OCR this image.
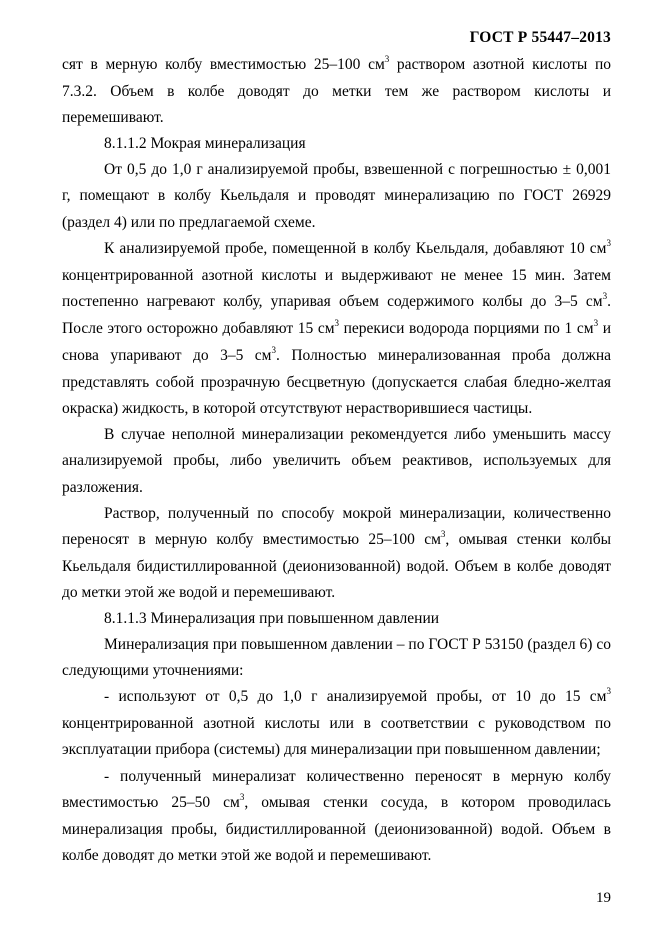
ГОСТ Р 55447–2013

сят в мерную колбу вместимостью 25–100 $см^3$ раствором азотной кислоты по 7.3.2. Объем в колбе доводят до метки тем же раствором кислоты и перемешивают.

8.1.1.2 Мокрая минерализация

От 0,5 до 1,0 г анализируемой пробы, взвешенной с погрешностью ± 0,001 г, помещают в колбу Кьельдаля и проводят минерализацию по ГОСТ 26929 (раздел 4) или по предлагаемой схеме.

К анализируемой пробе, помещенной в колбу Кьельдаля, добавляют 10 $см^3$ концентрированной азотной кислоты и выдерживают не менее 15 мин. Затем постепенно нагревают колбу, упаривая объем содержимого колбы до 3–5 $см^3$. После этого осторожно добавляют 15 $см^3$ перекиси водорода порциями по 1 $см^3$ и снова упаривают до 3–5 $см^3$. Полностью минерализованная проба должна представлять собой прозрачную бесцветную (допускается слабая бледно-желтая окраска) жидкость, в которой отсутствуют нерастворившиеся частицы.

В случае неполной минерализации рекомендуется либо уменьшить массу анализируемой пробы, либо увеличить объем реактивов, используемых для разложения.

Раствор, полученный по способу мокрой минерализации, количественно переносят в мерную колбу вместимостью 25–100 $см^3$, омывая стенки колбы Кьельдаля бидистиллированной (деионизованной) водой. Объем в колбе доводят до метки этой же водой и перемешивают.

8.1.1.3 Минерализация при повышенном давлении

Минерализация при повышенном давлении – по ГОСТ Р 53150 (раздел 6) со следующими уточнениями:

- используют от 0,5 до 1,0 г анализируемой пробы, от 10 до 15 $см^3$ концентрированной азотной кислоты или в соответствии с руководством по эксплуатации прибора (системы) для минерализации при повышенном давлении;

- полученный минерализат количественно переносят в мерную колбу вместимостью 25–50 $см^3$, омывая стенки сосуда, в котором проводилась минерализация пробы, бидистиллированной (деионизованной) водой. Объем в колбе доводят до метки этой же водой и перемешивают.

19
